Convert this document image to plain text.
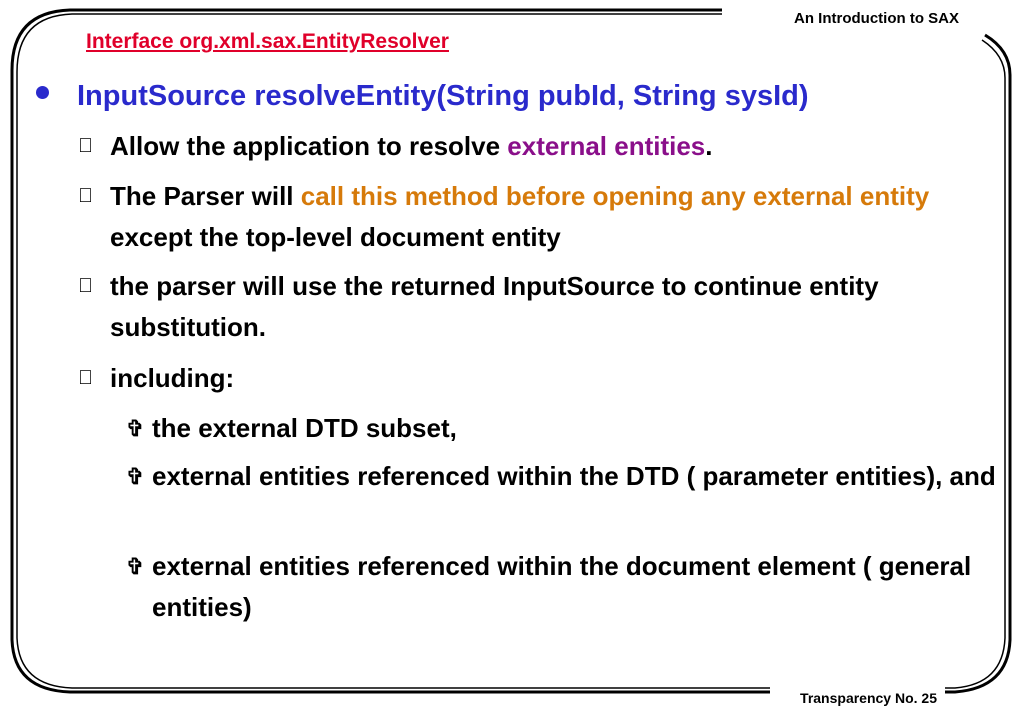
An Introduction to SAX
Interface org.xml.sax.EntityResolver
InputSource resolveEntity(String pubId, String sysId)
  Allow the application to resolve external entities.
  The Parser will call this method before opening any external entity except the top-level document entity
  the parser will use the returned InputSource to continue entity substitution.
  including:
✞ the external DTD subset,
✞ external entities referenced within the DTD ( parameter entities), and
✞ external entities referenced within the document element ( general entities)
Transparency No. 25
